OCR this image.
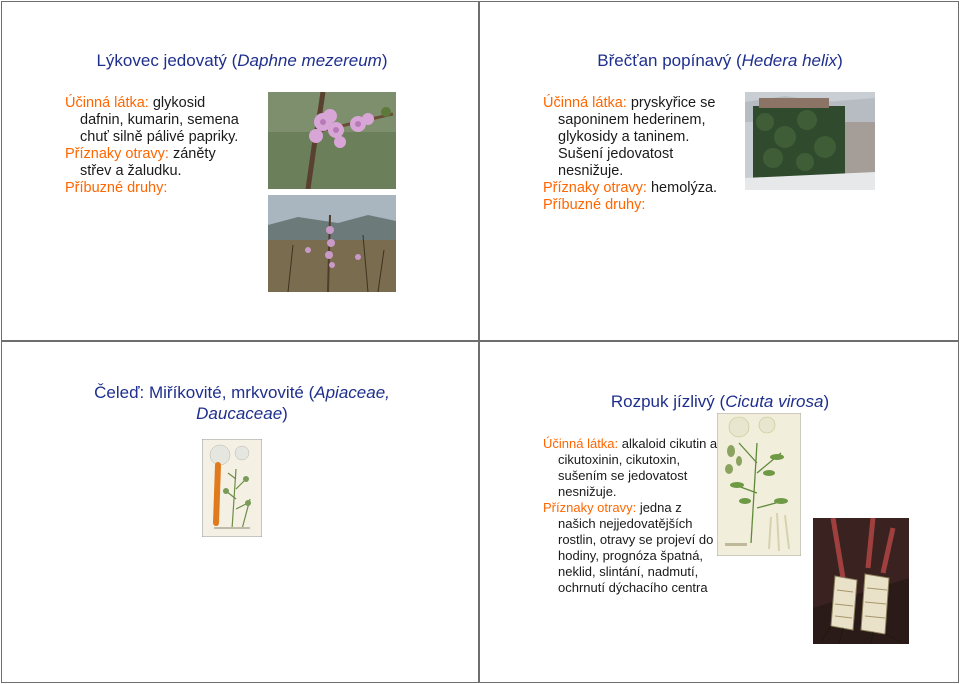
Lýkovec jedovatý (Daphne mezereum)

Účinná látka: glykosid dafnin, kumarin, semena chuť silně pálivé papriky.

Příznaky otravy: záněty střev a žaludku.

Příbuzné druhy:

Břečťan popínavý (Hedera helix)

Účinná látka: pryskyřice se saponinem hederinem, glykosidy a taninem. Sušení jedovatost nesnižuje.

Příznaky otravy: hemolýza.

Příbuzné druhy:

Čeleď: Miříkovité, mrkvovité (Apiaceae, Daucaceae)
Rozpuk jízlivý (Cicuta virosa)

Účinná látka: alkaloid cikutin a cikutoxinin, cikutoxin, sušením se jedovatost nesnižuje.

Příznaky otravy: jedna z našich nejjedovatějších rostlin, otravy se projeví do hodiny, prognóza špatná, neklid, slintání, nadmutí, ochrnutí dýchacího centra
